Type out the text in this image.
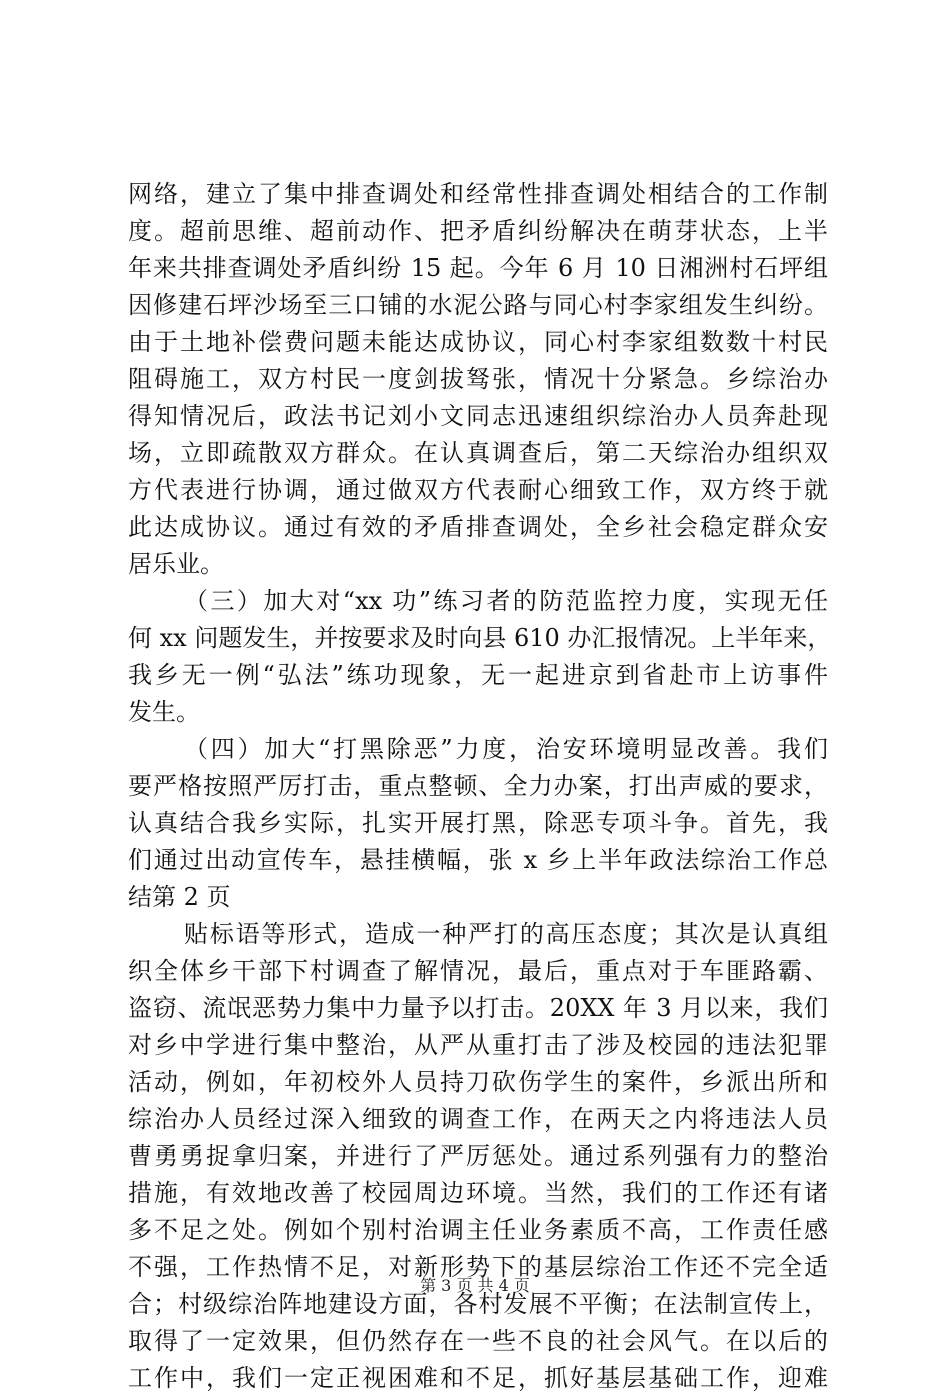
网络，建立了集中排查调处和经常性排查调处相结合的工作制
度。超前思维、超前动作、把矛盾纠纷解决在萌芽状态，上半
年来共排查调处矛盾纠纷 15 起。今年 6 月 10 日湘洲村石坪组
因修建石坪沙场至三口铺的水泥公路与同心村李家组发生纠纷。
由于土地补偿费问题未能达成协议，同心村李家组数数十村民
阻碍施工，双方村民一度剑拔驽张，情况十分紧急。乡综治办
得知情况后，政法书记刘小文同志迅速组织综治办人员奔赴现
场，立即疏散双方群众。在认真调查后，第二天综治办组织双
方代表进行协调，通过做双方代表耐心细致工作，双方终于就
此达成协议。通过有效的矛盾排查调处，全乡社会稳定群众安
居乐业。
（三）加大对“xx 功”练习者的防范监控力度，实现无任
何 xx 问题发生，并按要求及时向县 610 办汇报情况。上半年来，
我乡无一例“弘法”练功现象，无一起进京到省赴市上访事件
发生。
（四）加大“打黑除恶”力度，治安环境明显改善。我们
要严格按照严厉打击，重点整顿、全力办案，打出声威的要求，
认真结合我乡实际，扎实开展打黑，除恶专项斗争。首先，我
们通过出动宣传车，悬挂横幅，张 x 乡上半年政法综治工作总
结第 2 页
贴标语等形式，造成一种严打的高压态度；其次是认真组
织全体乡干部下村调查了解情况，最后，重点对于车匪路霸、
盗窃、流氓恶势力集中力量予以打击。20XX 年 3 月以来，我们
对乡中学进行集中整治，从严从重打击了涉及校园的违法犯罪
活动，例如，年初校外人员持刀砍伤学生的案件，乡派出所和
综治办人员经过深入细致的调查工作，在两天之内将违法人员
曹勇勇捉拿归案，并进行了严厉惩处。通过系列强有力的整治
措施，有效地改善了校园周边环境。当然，我们的工作还有诸
多不足之处。例如个别村治调主任业务素质不高，工作责任感
不强，工作热情不足，对新形势下的基层综治工作还不完全适
合；村级综治阵地建设方面，各村发展不平衡；在法制宣传上，
取得了一定效果，但仍然存在一些不良的社会风气。在以后的
工作中，我们一定正视困难和不足，抓好基层基础工作，迎难
第 3 页 共 4 页
